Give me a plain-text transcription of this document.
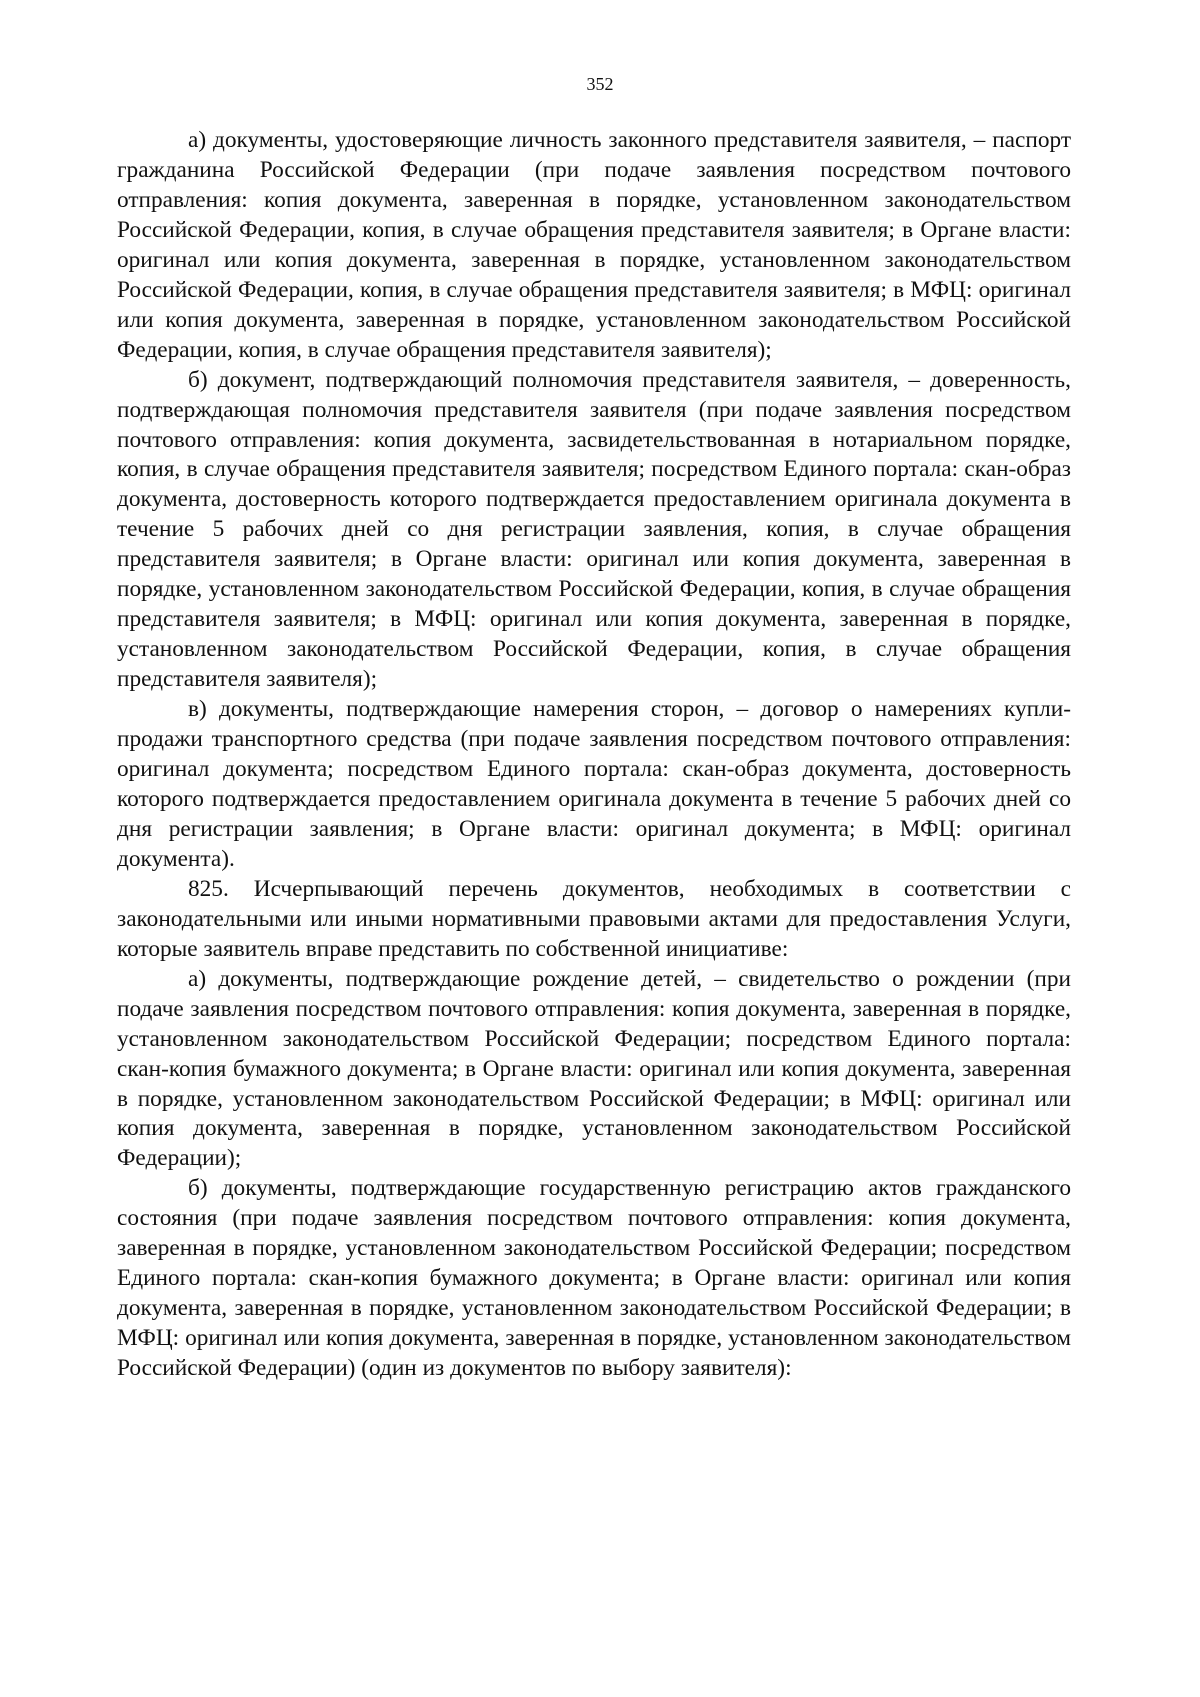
352

а) документы, удостоверяющие личность законного представителя заявителя, – паспорт гражданина Российской Федерации (при подаче заявления посредством почтового отправления: копия документа, заверенная в порядке, установленном законодательством Российской Федерации, копия, в случае обращения представителя заявителя; в Органе власти: оригинал или копия документа, заверенная в порядке, установленном законодательством Российской Федерации, копия, в случае обращения представителя заявителя; в МФЦ: оригинал или копия документа, заверенная в порядке, установленном законодательством Российской Федерации, копия, в случае обращения представителя заявителя);

б) документ, подтверждающий полномочия представителя заявителя, – доверенность, подтверждающая полномочия представителя заявителя (при подаче заявления посредством почтового отправления: копия документа, засвидетельствованная в нотариальном порядке, копия, в случае обращения представителя заявителя; посредством Единого портала: скан-образ документа, достоверность которого подтверждается предоставлением оригинала документа в течение 5 рабочих дней со дня регистрации заявления, копия, в случае обращения представителя заявителя; в Органе власти: оригинал или копия документа, заверенная в порядке, установленном законодательством Российской Федерации, копия, в случае обращения представителя заявителя; в МФЦ: оригинал или копия документа, заверенная в порядке, установленном законодательством Российской Федерации, копия, в случае обращения представителя заявителя);

в) документы, подтверждающие намерения сторон, – договор о намерениях купли-продажи транспортного средства (при подаче заявления посредством почтового отправления: оригинал документа; посредством Единого портала: скан-образ документа, достоверность которого подтверждается предоставлением оригинала документа в течение 5 рабочих дней со дня регистрации заявления; в Органе власти: оригинал документа; в МФЦ: оригинал документа).

825. Исчерпывающий перечень документов, необходимых в соответствии с законодательными или иными нормативными правовыми актами для предоставления Услуги, которые заявитель вправе представить по собственной инициативе:

а) документы, подтверждающие рождение детей, – свидетельство о рождении (при подаче заявления посредством почтового отправления: копия документа, заверенная в порядке, установленном законодательством Российской Федерации; посредством Единого портала: скан-копия бумажного документа; в Органе власти: оригинал или копия документа, заверенная в порядке, установленном законодательством Российской Федерации; в МФЦ: оригинал или копия документа, заверенная в порядке, установленном законодательством Российской Федерации);

б) документы, подтверждающие государственную регистрацию актов гражданского состояния (при подаче заявления посредством почтового отправления: копия документа, заверенная в порядке, установленном законодательством Российской Федерации; посредством Единого портала: скан-копия бумажного документа; в Органе власти: оригинал или копия документа, заверенная в порядке, установленном законодательством Российской Федерации; в МФЦ: оригинал или копия документа, заверенная в порядке, установленном законодательством Российской Федерации) (один из документов по выбору заявителя):
